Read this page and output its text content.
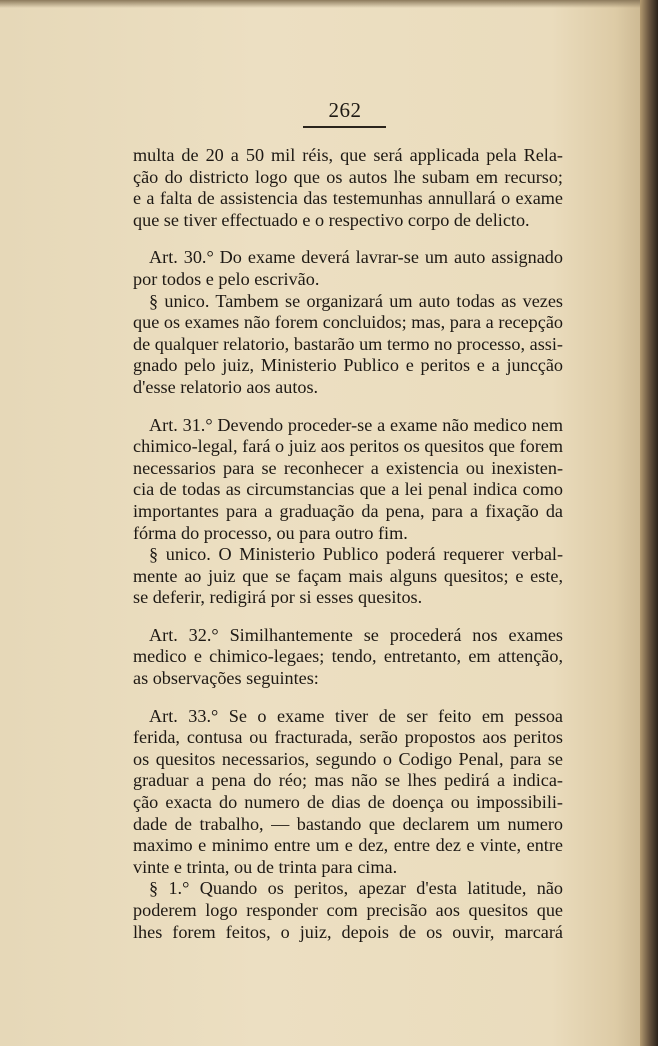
262
multa de 20 a 50 mil réis, que será applicada pela Rela-
ção do districto logo que os autos lhe subam em recurso;
e a falta de assistencia das testemunhas annullará o exame
que se tiver effectuado e o respectivo corpo de delicto.
Art. 30.° Do exame deverá lavrar-se um auto assignado
por todos e pelo escrivão.
§ unico. Tambem se organizará um auto todas as vezes
que os exames não forem concluidos; mas, para a recepção
de qualquer relatorio, bastarão um termo no processo, assi-
gnado pelo juiz, Ministerio Publico e peritos e a juncção
d'esse relatorio aos autos.
Art. 31.° Devendo proceder-se a exame não medico nem
chimico-legal, fará o juiz aos peritos os quesitos que forem
necessarios para se reconhecer a existencia ou inexisten-
cia de todas as circumstancias que a lei penal indica como
importantes para a graduação da pena, para a fixação da
fórma do processo, ou para outro fim.
§ unico. O Ministerio Publico poderá requerer verbal-
mente ao juiz que se façam mais alguns quesitos; e este,
se deferir, redigirá por si esses quesitos.
Art. 32.° Similhantemente se procederá nos exames
medico e chimico-legaes; tendo, entretanto, em attenção,
as observações seguintes:
Art. 33.° Se o exame tiver de ser feito em pessoa
ferida, contusa ou fracturada, serão propostos aos peritos
os quesitos necessarios, segundo o Codigo Penal, para se
graduar a pena do réo; mas não se lhes pedirá a indica-
ção exacta do numero de dias de doença ou impossibili-
dade de trabalho, — bastando que declarem um numero
maximo e minimo entre um e dez, entre dez e vinte, entre
vinte e trinta, ou de trinta para cima.
§ 1.° Quando os peritos, apezar d'esta latitude, não
poderem logo responder com precisão aos quesitos que
lhes forem feitos, o juiz, depois de os ouvir, marcará
